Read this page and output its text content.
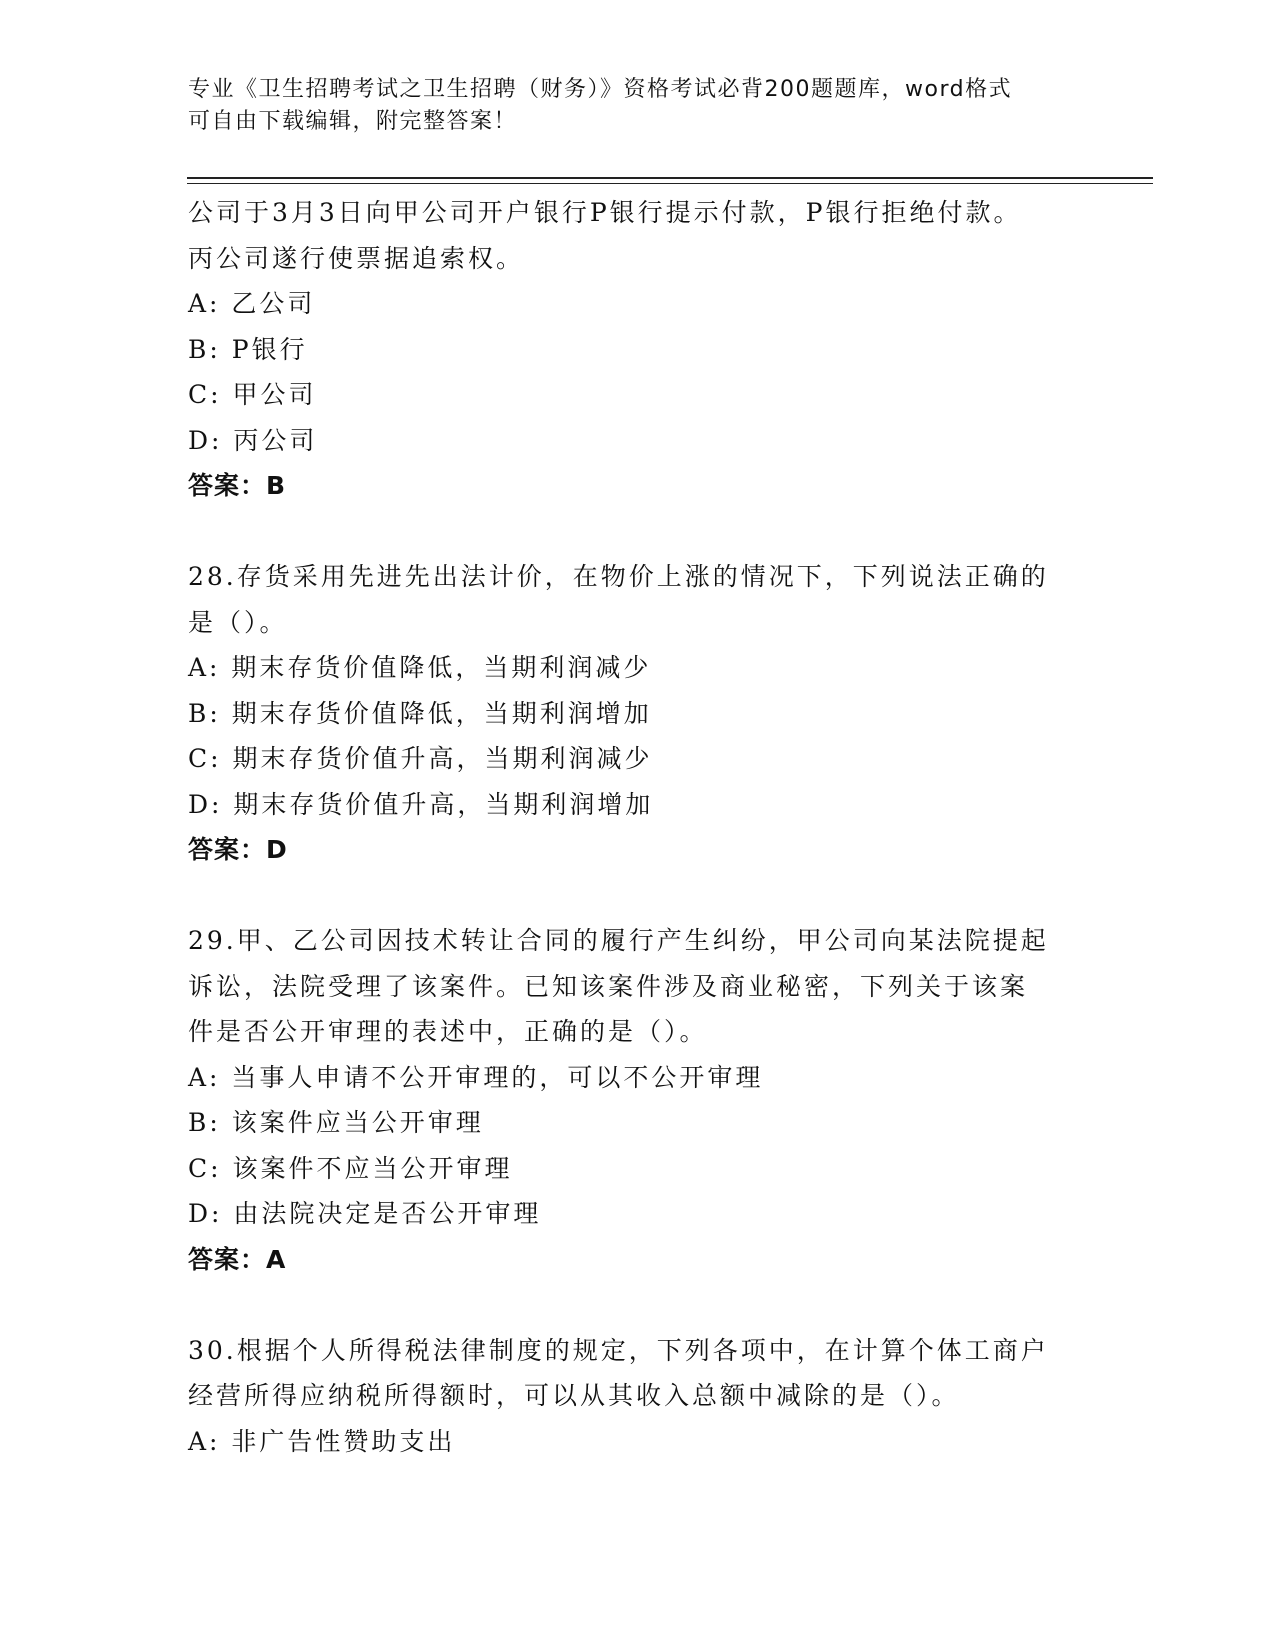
专业《卫生招聘考试之卫生招聘（财务）》资格考试必背200题题库，word格式
可自由下载编辑，附完整答案！
公司于3月3日向甲公司开户银行P银行提示付款，P银行拒绝付款。
丙公司遂行使票据追索权。
A: 乙公司
B: P银行
C: 甲公司
D: 丙公司
答案：B
28.存货采用先进先出法计价，在物价上涨的情况下，下列说法正确的
是（）。
A: 期末存货价值降低，当期利润减少
B: 期末存货价值降低，当期利润增加
C: 期末存货价值升高，当期利润减少
D: 期末存货价值升高，当期利润增加
答案：D
29.甲、乙公司因技术转让合同的履行产生纠纷，甲公司向某法院提起
诉讼，法院受理了该案件。已知该案件涉及商业秘密，下列关于该案
件是否公开审理的表述中，正确的是（）。
A: 当事人申请不公开审理的，可以不公开审理
B: 该案件应当公开审理
C: 该案件不应当公开审理
D: 由法院决定是否公开审理
答案：A
30.根据个人所得税法律制度的规定，下列各项中，在计算个体工商户
经营所得应纳税所得额时，可以从其收入总额中减除的是（）。
A: 非广告性赞助支出
